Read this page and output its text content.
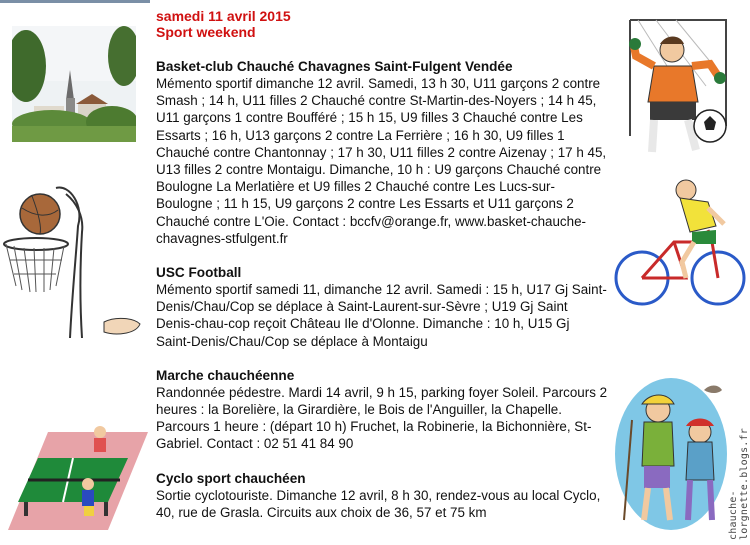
chauche-lorgnette.blogs.fr
samedi 11 avril 2015
Sport weekend
Basket-club Chauché Chavagnes Saint-Fulgent Vendée
Mémento sportif dimanche 12 avril. Samedi, 13 h 30, U11 garçons 2 contre Smash ; 14 h, U11 filles 2 Chauché contre St-Martin-des-Noyers ; 14 h 45, U11 garçons 1 contre Boufféré ; 15 h 15, U9 filles 3 Chauché contre Les Essarts ; 16 h, U13 garçons 2 contre La Ferrière ; 16 h 30, U9 filles 1 Chauché contre Chantonnay ; 17 h 30, U11 filles 2 contre Aizenay ; 17 h 45, U13 filles 2 contre Montaigu. Dimanche, 10 h : U9 garçons Chauché contre Boulogne La Merlatière et U9 filles 2 Chauché contre Les Lucs-sur-Boulogne ; 11 h 15, U9 garçons 2 contre Les Essarts et U11 garçons 2 Chauché contre L'Oie. Contact : bccfv@orange.fr, www.basket-chauche-chavagnes-stfulgent.fr
USC Football
Mémento sportif samedi 11, dimanche 12 avril. Samedi : 15 h, U17 Gj Saint-Denis/Chau/Cop se déplace à Saint-Laurent-sur-Sèvre ; U19 Gj Saint Denis-chau-cop reçoit Château Ile d'Olonne. Dimanche : 10 h, U15 Gj Saint-Denis/Chau/Cop se déplace à Montaigu
Marche chauchéenne
Randonnée pédestre. Mardi 14 avril, 9 h 15, parking foyer Soleil. Parcours 2 heures : la Borelière, la Girardière, le Bois de l'Anguiller, la Chapelle. Parcours 1 heure : (départ 10 h) Fruchet, la Robinerie, la Bichonnière, St-Gabriel. Contact : 02 51 41 84 90
Cyclo sport chauchéen
Sortie cyclotouriste. Dimanche 12 avril, 8 h 30, rendez-vous au local Cyclo, 40, rue de Grasla. Circuits aux choix de 36, 57 et 75 km
